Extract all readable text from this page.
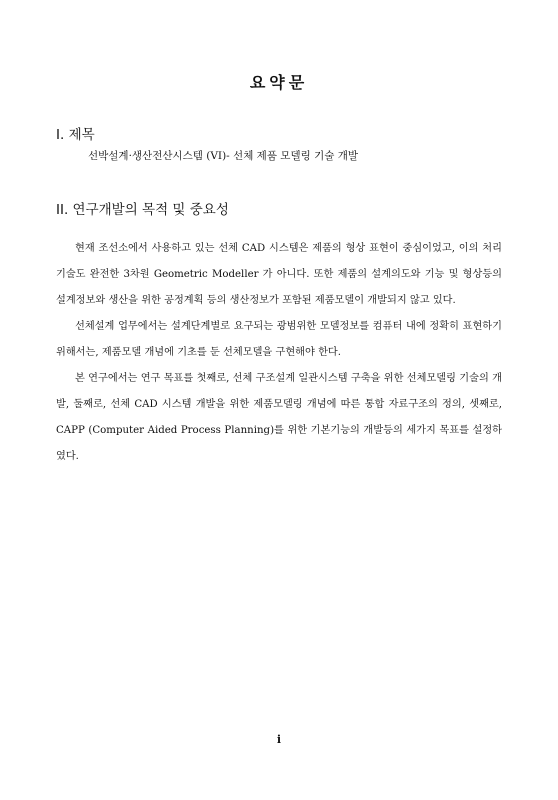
요약문
I. 제목

선박설계·생산전산시스템 (VI)- 선체 제품 모델링 기술 개발

II. 연구개발의 목적 및 중요성

현재 조선소에서 사용하고 있는 선체 CAD 시스템은 제품의 형상 표현이 중심이었고, 이의 처리기술도 완전한 3차원 Geometric Modeller 가 아니다. 또한 제품의 설계의도와 기능 및 형상등의 설계정보와 생산을 위한 공정계획 등의 생산정보가 포함된 제품모델이 개발되지 않고 있다.

선체설계 업무에서는 설계단계별로 요구되는 광범위한 모델정보를 컴퓨터 내에 정확히 표현하기 위해서는, 제품모델 개념에 기초를 둔 선체모델을 구현해야 한다.

본 연구에서는 연구 목표를 첫째로, 선체 구조설계 일관시스템 구축을 위한 선체모델링 기술의 개발, 둘째로, 선체 CAD 시스템 개발을 위한 제품모델링 개념에 따른 통합 자료구조의 정의, 셋째로, CAPP (Computer Aided Process Planning)를 위한 기본기능의 개발등의 세가지 목표를 설정하였다.

i
